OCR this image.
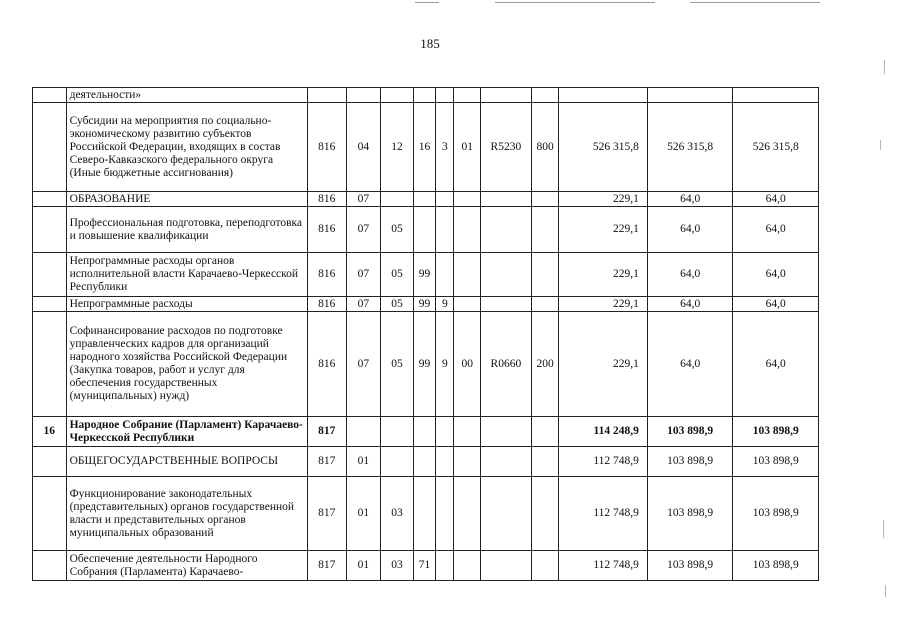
185
	деятельности»											
	Субсидии на мероприятия по социально-экономическому развитию субъектов Российской Федерации, входящих в состав Северо-Кавказского федерального округа (Иные бюджетные ассигнования)	816	04	12	16	3	01	R5230	800	526 315,8	526 315,8	526 315,8
	ОБРАЗОВАНИЕ	816	07							229,1	64,0	64,0
	Профессиональная подготовка, переподготовка и повышение квалификации	816	07	05						229,1	64,0	64,0
	Непрограммные расходы органов исполнительной власти Карачаево-Черкесской Республики	816	07	05	99					229,1	64,0	64,0
	Непрограммные расходы	816	07	05	99	9				229,1	64,0	64,0
	Софинансирование расходов по подготовке управленческих кадров для организаций народного хозяйства Российской Федерации (Закупка товаров, работ и услуг для обеспечения государственных (муниципальных) нужд)	816	07	05	99	9	00	R0660	200	229,1	64,0	64,0
16	Народное Собрание (Парламент) Карачаево-Черкесской Республики	817								114 248,9	103 898,9	103 898,9
	ОБЩЕГОСУДАРСТВЕННЫЕ ВОПРОСЫ	817	01							112 748,9	103 898,9	103 898,9
	Функционирование законодательных (представительных) органов государственной власти и представительных органов муниципальных образований	817	01	03						112 748,9	103 898,9	103 898,9
	Обеспечение деятельности Народного Собрания (Парламента) Карачаево-	817	01	03	71					112 748,9	103 898,9	103 898,9
